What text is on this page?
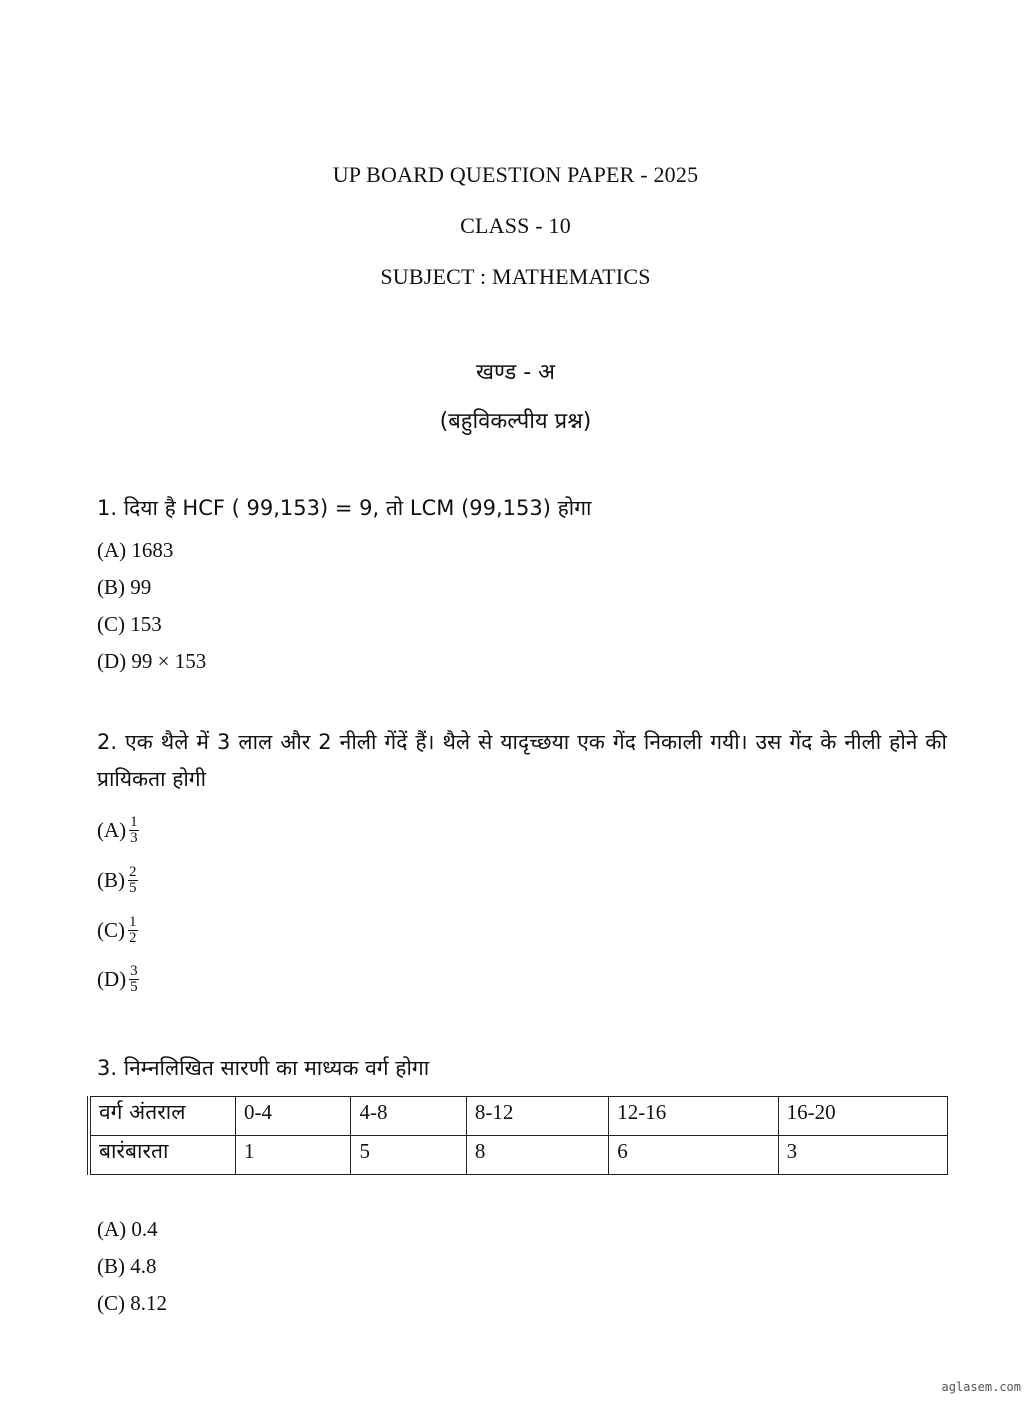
UP BOARD QUESTION PAPER - 2025
CLASS - 10
SUBJECT : MATHEMATICS
खण्ड - अ
(बहुविकल्पीय प्रश्न)
1. दिया है HCF ( 99,153) = 9, तो LCM (99,153) होगा
(A) 1683
(B) 99
(C) 153
(D) 99 × 153
2. एक थैले में 3 लाल और 2 नीली गेंदें हैं। थैले से यादृच्छया एक गेंद निकाली गयी। उस गेंद के नीली होने की प्रायिकता होगी
$(A) \frac{1}{3}$
$(B) \frac{2}{5}$
$(C) \frac{1}{2}$
$(D) \frac{3}{5}$
3. निम्नलिखित सारणी का माध्यक वर्ग होगा
वर्ग अंतराल	0-4	4-8	8-12	12-16	16-20
बारंबारता	1	5	8	6	3
(A) 0.4
(B) 4.8
(C) 8.12
aglasem.com
